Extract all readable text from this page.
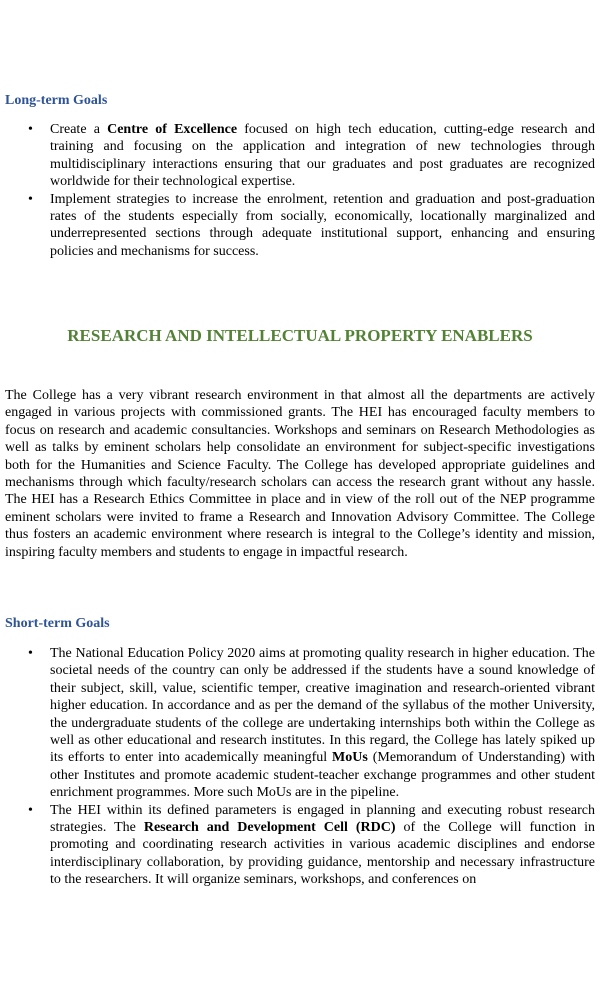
Long-term Goals
• Create a Centre of Excellence focused on high tech education, cutting-edge research and training and focusing on the application and integration of new technologies through multidisciplinary interactions ensuring that our graduates and post graduates are recognized worldwide for their technological expertise.
• Implement strategies to increase the enrolment, retention and graduation and post-graduation rates of the students especially from socially, economically, locationally marginalized and underrepresented sections through adequate institutional support, enhancing and ensuring policies and mechanisms for success.
RESEARCH AND INTELLECTUAL PROPERTY ENABLERS

The College has a very vibrant research environment in that almost all the departments are actively engaged in various projects with commissioned grants. The HEI has encouraged faculty members to focus on research and academic consultancies. Workshops and seminars on Research Methodologies as well as talks by eminent scholars help consolidate an environment for subject-specific investigations both for the Humanities and Science Faculty. The College has developed appropriate guidelines and mechanisms through which faculty/research scholars can access the research grant without any hassle. The HEI has a Research Ethics Committee in place and in view of the roll out of the NEP programme eminent scholars were invited to frame a Research and Innovation Advisory Committee. The College thus fosters an academic environment where research is integral to the College’s identity and mission, inspiring faculty members and students to engage in impactful research.

Short-term Goals
• The National Education Policy 2020 aims at promoting quality research in higher education. The societal needs of the country can only be addressed if the students have a sound knowledge of their subject, skill, value, scientific temper, creative imagination and research-oriented vibrant higher education. In accordance and as per the demand of the syllabus of the mother University, the undergraduate students of the college are undertaking internships both within the College as well as other educational and research institutes. In this regard, the College has lately spiked up its efforts to enter into academically meaningful MoUs (Memorandum of Understanding) with other Institutes and promote academic student-teacher exchange programmes and other student enrichment programmes. More such MoUs are in the pipeline.
• The HEI within its defined parameters is engaged in planning and executing robust research strategies. The Research and Development Cell (RDC) of the College will function in promoting and coordinating research activities in various academic disciplines and endorse interdisciplinary collaboration, by providing guidance, mentorship and necessary infrastructure to the researchers. It will organize seminars, workshops, and conferences on
